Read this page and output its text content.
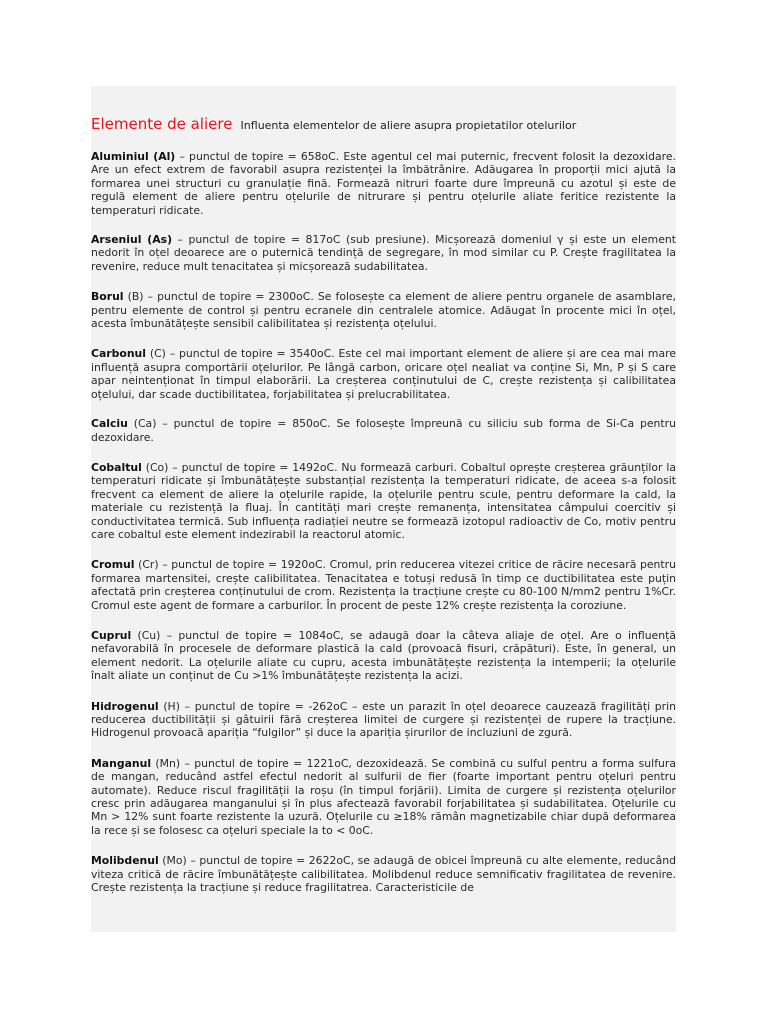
Elemente de aliere Influenta elementelor de aliere asupra propietatilor otelurilor

Aluminiul (Al) – punctul de topire = 658oC. Este agentul cel mai puternic, frecvent folosit la dezoxidare. Are un efect extrem de favorabil asupra rezistenței la îmbătrânire. Adăugarea în proporții mici ajută la formarea unei structuri cu granulație fină. Formează nitruri foarte dure împreună cu azotul și este de regulă element de aliere pentru oțelurile de nitrurare și pentru oțelurile aliate feritice rezistente la temperaturi ridicate.

Arseniul (As) – punctul de topire = 817oC (sub presiune). Micșorează domeniul γ și este un element nedorit în oțel deoarece are o puternică tendință de segregare, în mod similar cu P. Crește fragilitatea la revenire, reduce mult tenacitatea și micșorează sudabilitatea.

Borul (B) – punctul de topire = 2300oC. Se folosește ca element de aliere pentru organele de asamblare, pentru elemente de control și pentru ecranele din centralele atomice. Adăugat în procente mici în oțel, acesta îmbunătățește sensibil calibilitatea și rezistența oțelului.

Carbonul (C) – punctul de topire = 3540oC. Este cel mai important element de aliere și are cea mai mare influență asupra comportării oțelurilor. Pe lângă carbon, oricare oțel nealiat va conține Si, Mn, P și S care apar neintenționat în timpul elaborării. La creșterea conținutului de C, crește rezistența și calibilitatea oțelului, dar scade ductibilitatea, forjabilitatea și prelucrabilitatea.

Calciu (Ca) – punctul de topire = 850oC. Se folosește împreună cu siliciu sub forma de Si-Ca pentru dezoxidare.

Cobaltul (Co) – punctul de topire = 1492oC. Nu formează carburi. Cobaltul oprește creșterea grăunților la temperaturi ridicate și îmbunătățește substanțial rezistența la temperaturi ridicate, de aceea s-a folosit frecvent ca element de aliere la oțelurile rapide, la oțelurile pentru scule, pentru deformare la cald, la materiale cu rezistență la fluaj. În cantități mari crește remanența, intensitatea câmpului coercitiv și conductivitatea termică. Sub influența radiației neutre se formează izotopul radioactiv de Co, motiv pentru care cobaltul este element indezirabil la reactorul atomic.

Cromul (Cr) – punctul de topire = 1920oC. Cromul, prin reducerea vitezei critice de răcire necesară pentru formarea martensitei, crește calibilitatea. Tenacitatea e totuși redusă în timp ce ductibilitatea este puțin afectată prin creșterea conținutului de crom. Rezistența la tracțiune crește cu 80-100 N/mm2 pentru 1%Cr. Cromul este agent de formare a carburilor. În procent de peste 12% crește rezistența la coroziune.

Cuprul (Cu) – punctul de topire = 1084oC, se adaugă doar la câteva aliaje de oțel. Are o influență nefavorabilă în procesele de deformare plastică la cald (provoacă fisuri, crăpături). Este, în general, un element nedorit. La oțelurile aliate cu cupru, acesta imbunătățește rezistența la intemperii; la oțelurile înalt aliate un conținut de Cu >1% îmbunătățește rezistența la acizi.

Hidrogenul (H) – punctul de topire = -262oC – este un parazit în oțel deoarece cauzează fragilități prin reducerea ductibilității și gâtuirii fără creșterea limitei de curgere și rezistenței de rupere la tracțiune. Hidrogenul provoacă apariția “fulgilor” și duce la apariția șirurilor de incluziuni de zgură.

Manganul (Mn) – punctul de topire = 1221oC, dezoxidează. Se combină cu sulful pentru a forma sulfura de mangan, reducând astfel efectul nedorit al sulfurii de fier (foarte important pentru oțeluri pentru automate). Reduce riscul fragilității la roșu (în timpul forjării). Limita de curgere și rezistența oțelurilor cresc prin adăugarea manganului și în plus afectează favorabil forjabilitatea și sudabilitatea. Oțelurile cu Mn > 12% sunt foarte rezistente la uzură. Oțelurile cu ≥18% rămân magnetizabile chiar după deformarea la rece și se folosesc ca oțeluri speciale la to < 0oC.

Molibdenul (Mo) – punctul de topire = 2622oC, se adaugă de obicei împreună cu alte elemente, reducând viteza critică de răcire îmbunătățește calibilitatea. Molibdenul reduce semnificativ fragilitatea de revenire. Crește rezistența la tracțiune și reduce fragilitatrea. Caracteristicile de
